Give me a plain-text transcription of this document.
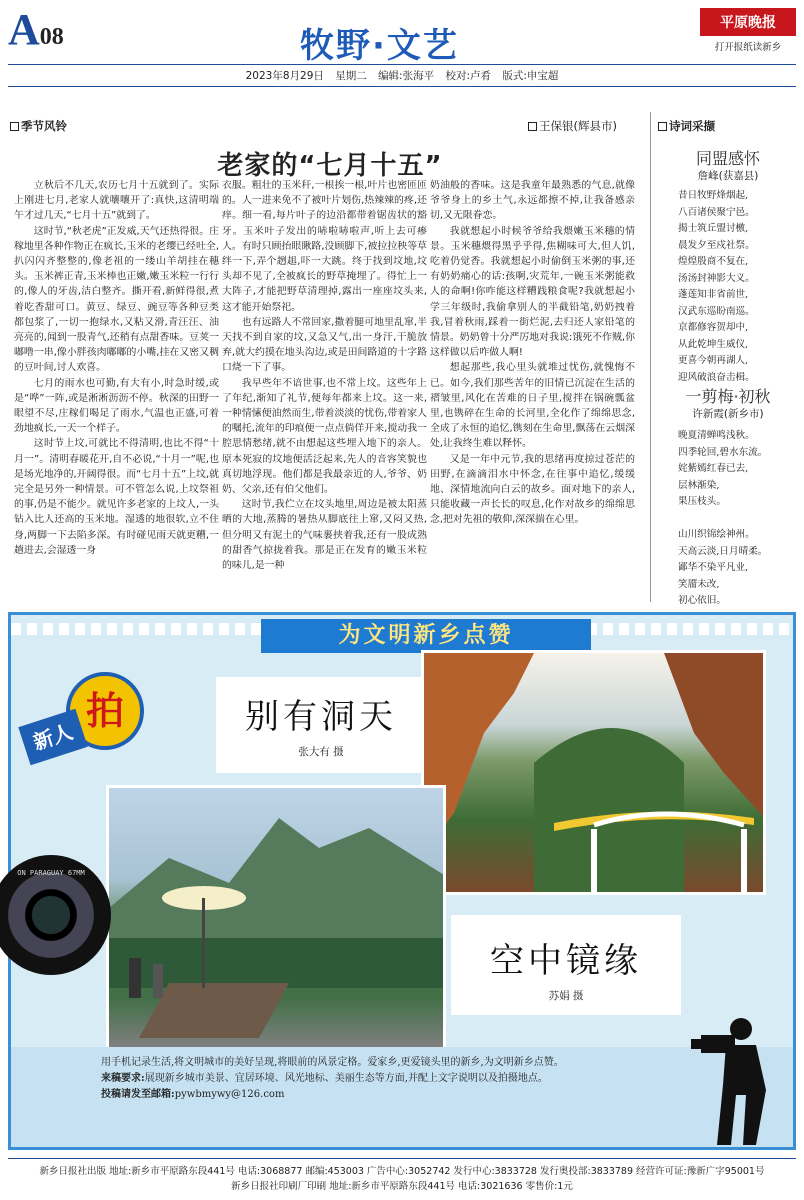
A08	牧野·文艺
平原晚报
打开报纸读新乡
2023年8月29日 星期二 编辑:张海平 校对:卢肴 版式:申宝超
季节风铃	王保银(辉县市)
老家的“七月十五”

立秋后不几天,农历七月十五就到了。实际上刚进七月,老家人就嚷嚷开了:真快,这清明端午才过几天,“七月十五”就到了。

这时节,“秋老虎”正发威,天气还热得很。庄稼地里各种作物正在疯长,玉米的老缨已经吐全,扒闪闪齐整整的,像老祖的一缕山羊胡挂在穗头。玉米裤正青,玉米棒也正嫩,嫩玉米粒一行行的,像人的牙齿,洁白整齐。撕开看,新鲜得很,煮着吃香甜可口。黄豆、绿豆、豌豆等各种豆类都包浆了,一切一抱绿水,又粘又滑,青汪汪、油亮亮的,闻到一股青气,还稍有点甜香味。豆荚一嘟噜一串,像小胖孩肉嘟嘟的小嘴,挂在又密又稠的豆叶间,讨人欢喜。

七月的雨水也可勤,有大有小,时急时缓,或是“哗”一阵,或是淅淅沥沥不停。秋深的田野一眼望不尽,庄稼们喝足了雨水,气温也正盛,可着劲地疯长,一天一个样子。

这时节上坟,可就比不得清明,也比不得“十月一”。清明春暖花开,自不必说,“十月一”呢,也是场光地净的,开阔得很。而“七月十五”上坟,就完全是另外一种情景。可不管怎么说,上坟祭祖的事,仍是不能少。就见许多老家的上坟人,一头钻入比人还高的玉米地。湿透的地很软,立不住身,两脚一下去陷多深。有时碰见雨天就更糟,一趟进去,会湿透一身

衣服。粗壮的玉米秆,一根挨一根,叶片也密匝匝的。人一进来免不了被叶片划伤,热辣辣的疼,还痒。细一看,每片叶子的边沿都带着锯齿状的豁牙。玉米叶子发出的哧啦哧啦声,听上去可瘆人。有时只顾抬眼瞅路,没顾脚下,被拉拉秧等草绊一下,弄个趔趄,吓一大跳。终于找到坟地,坟头却不见了,全被疯长的野草掩埋了。得忙上一大阵子,才能把野草清理掉,露出一座座坟头来,这才能开始祭祀。

也有远路人不常回家,撒着腿可地里乱窜,半天找不到自家的坟,又急又气,出一身汗,干脆放弃,就大约摸在地头沟边,或是田间路道的十字路口烧一下了事。

我早些年不谙世事,也不常上坟。这些年上了年纪,渐知了礼节,便每年都来上坟。这一来,一种情愫便油然而生,带着淡淡的忧伤,带着家人的嘱托,流年的印痕便一点点倘佯开来,搅动我一腔思情愁绪,就不由想起这些埋入地下的亲人。原本死寂的坟地便活泛起来,先人的音容笑貌也真切地浮现。他们都是我最亲近的人,爷爷、奶奶、父亲,还有伯父他们。

这时节,我伫立在坟头地里,周边是被太阳蒸晒的大地,蒸腾的暑热从脚底往上窜,又闷又热,但分明又有泥土的气味裹挟着我,还有一股成熟的甜香气掠拢着我。那是正在发育的嫩玉米粒的味儿,是一种

奶油般的香味。这是我童年最熟悉的气息,就像爷爷身上的乡土气,永远都擦不掉,让我备感亲切,又无限眷恋。

我就想起小时候爷爷给我煨嫩玉米穗的情景。玉米穗煨得黑乎乎得,焦糊味可大,但人饥,吃着仍觉香。我就想起小时偷倒玉米粥的事,还有奶奶痛心的话:孩啊,灾荒年,一碗玉米粥能救人的命啊!你咋能这样糟践粮食呢?我就想起小学三年级时,我偷拿别人的半截铅笔,奶奶拽着我,冒着秋雨,踩着一街烂泥,去归还人家铅笔的情景。奶奶曾十分严厉地对我说:饿死不作贼,你这样做以后咋做人啊!

想起那些,我心里头就堆过忧伤,就愧悔不已。如今,我们那些苦年的旧情已沉淀在生活的褶皱里,风化在苦难的日子里,搅拌在锅碗瓢盆里,也镌碎在生命的长河里,全化作了绵绵思念,全成了永恒的追忆,镌刻在生命里,飘荡在云烟深处,让我终生难以释怀。

又是一年中元节,我的思绪再度掠过苍茫的田野,在滴滴泪水中怀念,在往事中追忆,缓缓地、深情地流向白云的故乡。面对地下的亲人,只能收藏一声长长的叹息,化作对故乡的绵绵思念,把对先祖的敬仰,深深揣在心里。

诗词采撷
同盟感怀
詹峰(获嘉县)
昔日牧野烽烟起,
八百诸侯聚宁邑。
揭士筑丘盟讨檄,
晨发夕至戍社祭。
煌煌殷商不复在,
汤汤封神影大义。
蓬莲知非省前世,
汉武东巡盼南巡。
京都修容贺却中,
从此乾坤生威仪,
更喜今朝再湖人,
迎风破浪奋击楫。
一剪梅·初秋
许新霞(新乡市)
晚夏清蝉鸣浅秋。
四季轮回,碧水东流。
姹紫嫣红春已去,
层林渐染,
果压枝头。

山川织锦绘神州。
天高云淡,日月晴柔。
鄙华不染平凡业,
笑靥未改,
初心依旧。
为文明新乡点赞
拍
新人	别有洞天
张大有 摄
空中镜缘
苏娟 摄
ON PARAGUAY 67MM
用手机记录生活,将文明城市的美好呈现,将眼前的风景定格。爱家乡,更爱镜头里的新乡,为文明新乡点赞。
来稿要求:展现新乡城市美景、宜居环境、风光地标、美丽生态等方面,并配上文字说明以及拍摄地点。
投稿请发至邮箱:pywbmywy@126.com
新乡日报社出版 地址:新乡市平原路东段441号 电话:3068877 邮编:453003 广告中心:3052742 发行中心:3833728 发行奥投部:3833789 经营许可证:豫新广字95001号
新乡日报社印刷厂印刷 地址:新乡市平原路东段441号 电话:3021636 零售价:1元
